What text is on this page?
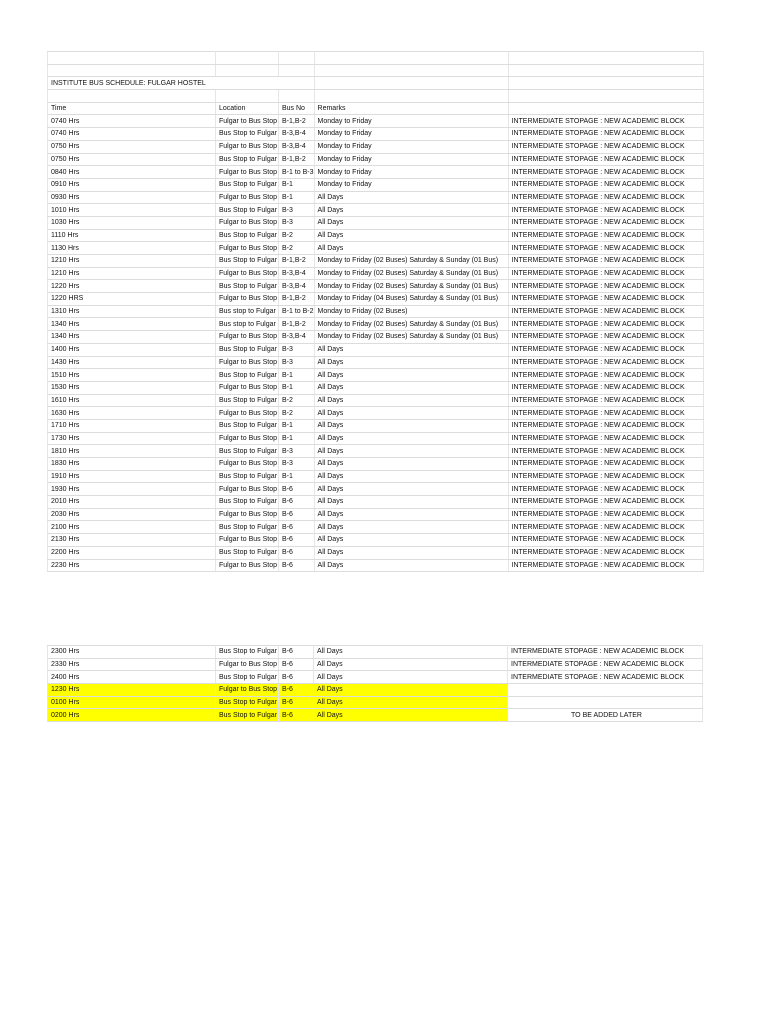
INSTITUTE BUS SCHEDULE: FULGAR HOSTEL				

Time	Location	Bus No	Remarks	
0740 Hrs	Fulgar to Bus Stop	B-1,B-2	Monday to Friday	INTERMEDIATE STOPAGE : NEW ACADEMIC BLOCK
0740 Hrs	Bus Stop to Fulgar	B-3,B-4	Monday to Friday	INTERMEDIATE STOPAGE : NEW ACADEMIC BLOCK
0750 Hrs	Fulgar to Bus Stop	B-3,B-4	Monday to Friday	INTERMEDIATE STOPAGE : NEW ACADEMIC BLOCK
0750 Hrs	Bus Stop to Fulgar	B-1,B-2	Monday to Friday	INTERMEDIATE STOPAGE : NEW ACADEMIC BLOCK
0840 Hrs	Fulgar to Bus Stop	B-1 to B-3	Monday to Friday	INTERMEDIATE STOPAGE : NEW ACADEMIC BLOCK
0910 Hrs	Bus Stop to Fulgar	B-1	Monday to Friday	INTERMEDIATE STOPAGE : NEW ACADEMIC BLOCK
0930 Hrs	Fulgar to Bus Stop	B-1	All Days	INTERMEDIATE STOPAGE : NEW ACADEMIC BLOCK
1010 Hrs	Bus Stop to Fulgar	B-3	All Days	INTERMEDIATE STOPAGE : NEW ACADEMIC BLOCK
1030 Hrs	Fulgar to Bus Stop	B-3	All Days	INTERMEDIATE STOPAGE : NEW ACADEMIC BLOCK
1110 Hrs	Bus Stop to Fulgar	B-2	All Days	INTERMEDIATE STOPAGE : NEW ACADEMIC BLOCK
1130 Hrs	Fulgar to Bus Stop	B-2	All Days	INTERMEDIATE STOPAGE : NEW ACADEMIC BLOCK
1210 Hrs	Bus Stop to Fulgar	B-1,B-2	Monday to Friday (02 Buses) Saturday & Sunday (01 Bus)	INTERMEDIATE STOPAGE : NEW ACADEMIC BLOCK
1210 Hrs	Fulgar to Bus Stop	B-3,B-4	Monday to Friday (02 Buses) Saturday & Sunday (01 Bus)	INTERMEDIATE STOPAGE : NEW ACADEMIC BLOCK
1220 Hrs	Bus Stop to Fulgar	B-3,B-4	Monday to Friday (02 Buses) Saturday & Sunday (01 Bus)	INTERMEDIATE STOPAGE : NEW ACADEMIC BLOCK
1220 HRS	Fulgar to Bus Stop	B-1,B-2	Monday to Friday (04 Buses) Saturday & Sunday (01 Bus)	INTERMEDIATE STOPAGE : NEW ACADEMIC BLOCK
1310 Hrs	Bus stop to Fulgar	B-1 to B-2	Monday to Friday (02 Buses)	INTERMEDIATE STOPAGE : NEW ACADEMIC BLOCK
1340 Hrs	Bus stop to Fulgar	B-1,B-2	Monday to Friday (02 Buses) Saturday & Sunday (01 Bus)	INTERMEDIATE STOPAGE : NEW ACADEMIC BLOCK
1340 Hrs	Fulgar to Bus Stop	B-3,B-4	Monday to Friday (02 Buses) Saturday & Sunday (01 Bus)	INTERMEDIATE STOPAGE : NEW ACADEMIC BLOCK
1400 Hrs	Bus Stop to Fulgar	B-3	All Days	INTERMEDIATE STOPAGE : NEW ACADEMIC BLOCK
1430 Hrs	Fulgar to Bus Stop	B-3	All Days	INTERMEDIATE STOPAGE : NEW ACADEMIC BLOCK
1510 Hrs	Bus Stop to Fulgar	B-1	All Days	INTERMEDIATE STOPAGE : NEW ACADEMIC BLOCK
1530 Hrs	Fulgar to Bus Stop	B-1	All Days	INTERMEDIATE STOPAGE : NEW ACADEMIC BLOCK
1610 Hrs	Bus Stop to Fulgar	B-2	All Days	INTERMEDIATE STOPAGE : NEW ACADEMIC BLOCK
1630 Hrs	Fulgar to Bus Stop	B-2	All Days	INTERMEDIATE STOPAGE : NEW ACADEMIC BLOCK
1710 Hrs	Bus Stop to Fulgar	B-1	All Days	INTERMEDIATE STOPAGE : NEW ACADEMIC BLOCK
1730 Hrs	Fulgar to Bus Stop	B-1	All Days	INTERMEDIATE STOPAGE : NEW ACADEMIC BLOCK
1810 Hrs	Bus Stop to Fulgar	B-3	All Days	INTERMEDIATE STOPAGE : NEW ACADEMIC BLOCK
1830 Hrs	Fulgar to Bus Stop	B-3	All Days	INTERMEDIATE STOPAGE : NEW ACADEMIC BLOCK
1910 Hrs	Bus Stop to Fulgar	B-1	All Days	INTERMEDIATE STOPAGE : NEW ACADEMIC BLOCK
1930 Hrs	Fulgar to Bus Stop	B-6	All Days	INTERMEDIATE STOPAGE : NEW ACADEMIC BLOCK
2010 Hrs	Bus Stop to Fulgar	B-6	All Days	INTERMEDIATE STOPAGE : NEW ACADEMIC BLOCK
2030 Hrs	Fulgar to Bus Stop	B-6	All Days	INTERMEDIATE STOPAGE : NEW ACADEMIC BLOCK
2100 Hrs	Bus Stop to Fulgar	B-6	All Days	INTERMEDIATE STOPAGE : NEW ACADEMIC BLOCK
2130 Hrs	Fulgar to Bus Stop	B-6	All Days	INTERMEDIATE STOPAGE : NEW ACADEMIC BLOCK
2200 Hrs	Bus Stop to Fulgar	B-6	All Days	INTERMEDIATE STOPAGE : NEW ACADEMIC BLOCK
2230 Hrs	Fulgar to Bus Stop	B-6	All Days	INTERMEDIATE STOPAGE : NEW ACADEMIC BLOCK
2300 Hrs	Bus Stop to Fulgar	B-6	All Days	INTERMEDIATE STOPAGE : NEW ACADEMIC BLOCK
2330 Hrs	Fulgar to Bus Stop	B-6	All Days	INTERMEDIATE STOPAGE : NEW ACADEMIC BLOCK
2400 Hrs	Bus Stop to Fulgar	B-6	All Days	INTERMEDIATE STOPAGE : NEW ACADEMIC BLOCK
1230 Hrs	Fulgar to Bus Stop	B-6	All Days	
0100 Hrs	Bus Stop to Fulgar	B-6	All Days	
0200 Hrs	Bus Stop to Fulgar	B-6	All Days	TO BE ADDED LATER
